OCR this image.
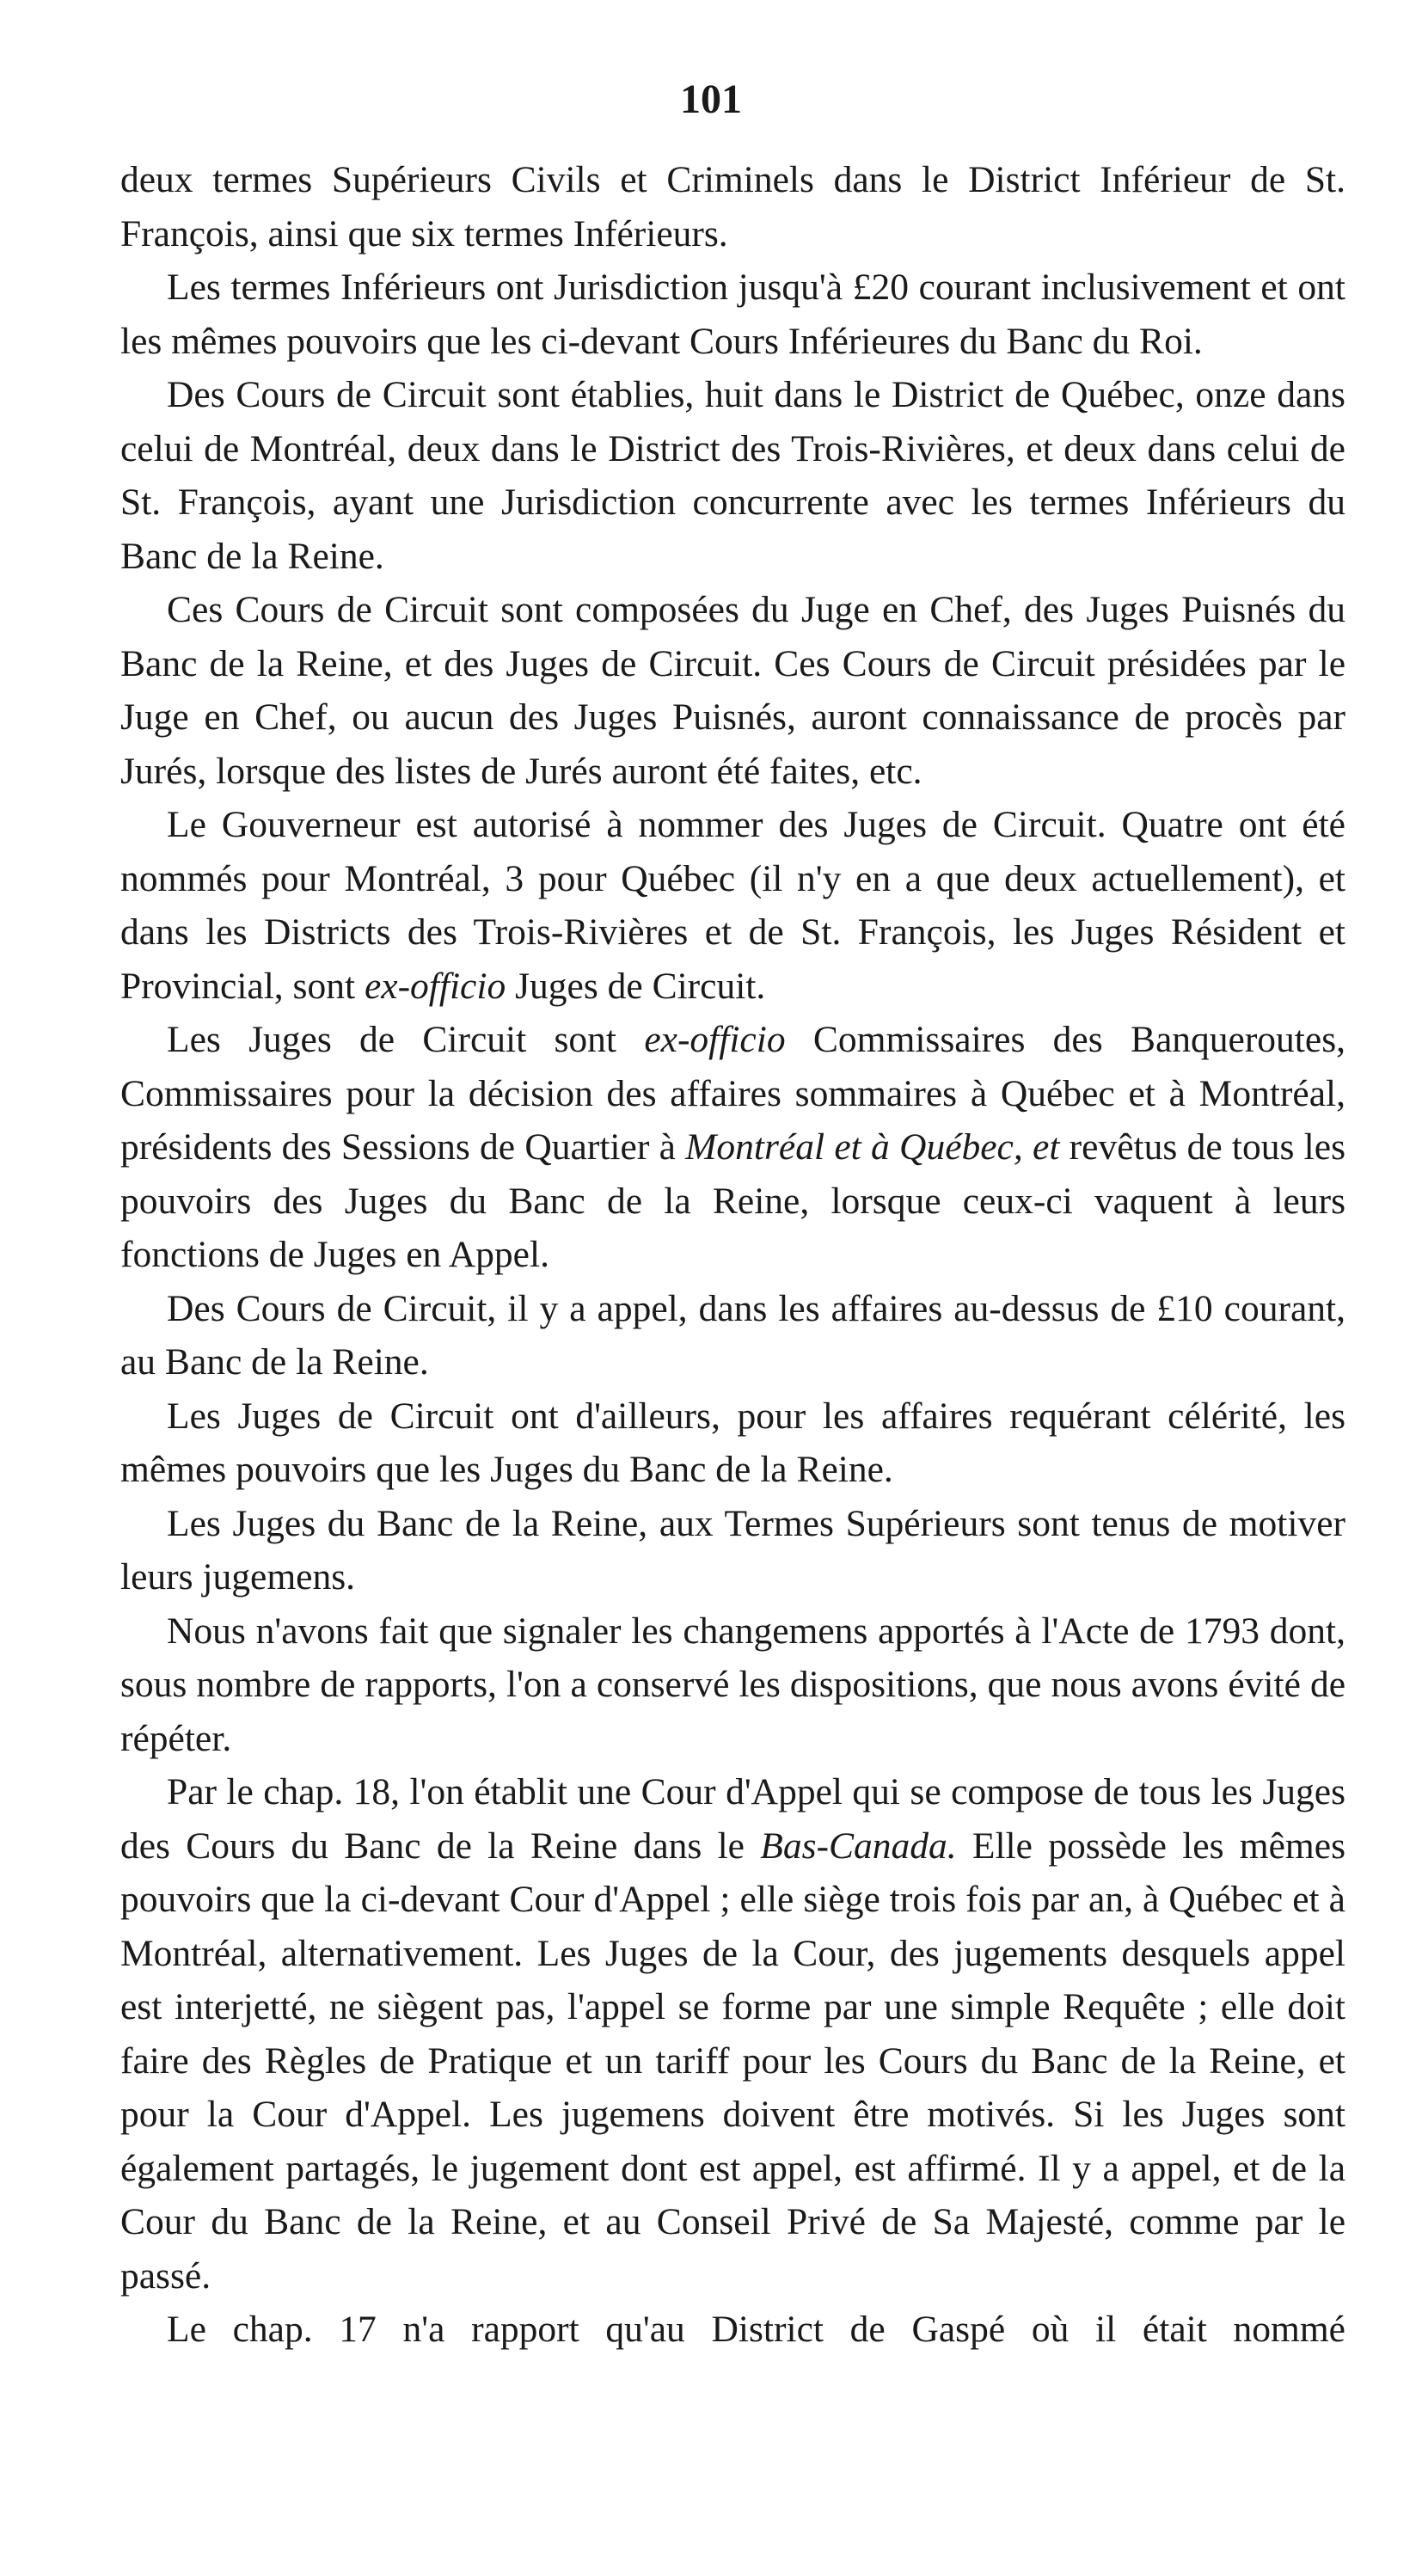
101

deux termes Supérieurs Civils et Criminels dans le District Inférieur de St. François, ainsi que six termes Inférieurs.

Les termes Inférieurs ont Jurisdiction jusqu'à £20 courant inclusivement et ont les mêmes pouvoirs que les ci-devant Cours Inférieures du Banc du Roi.

Des Cours de Circuit sont établies, huit dans le District de Québec, onze dans celui de Montréal, deux dans le District des Trois-Rivières, et deux dans celui de St. François, ayant une Jurisdiction concurrente avec les termes Inférieurs du Banc de la Reine.

Ces Cours de Circuit sont composées du Juge en Chef, des Juges Puisnés du Banc de la Reine, et des Juges de Circuit. Ces Cours de Circuit présidées par le Juge en Chef, ou aucun des Juges Puisnés, auront connaissance de procès par Jurés, lorsque des listes de Jurés auront été faites, etc.

Le Gouverneur est autorisé à nommer des Juges de Circuit. Quatre ont été nommés pour Montréal, 3 pour Québec (il n'y en a que deux actuellement), et dans les Districts des Trois-Rivières et de St. François, les Juges Résident et Provincial, sont ex-officio Juges de Circuit.

Les Juges de Circuit sont ex-officio Commissaires des Banqueroutes, Commissaires pour la décision des affaires sommaires à Québec et à Montréal, présidents des Sessions de Quartier à Montréal et à Québec, et revêtus de tous les pouvoirs des Juges du Banc de la Reine, lorsque ceux-ci vaquent à leurs fonctions de Juges en Appel.

Des Cours de Circuit, il y a appel, dans les affaires au-dessus de £10 courant, au Banc de la Reine.

Les Juges de Circuit ont d'ailleurs, pour les affaires requérant célérité, les mêmes pouvoirs que les Juges du Banc de la Reine.

Les Juges du Banc de la Reine, aux Termes Supérieurs sont tenus de motiver leurs jugemens.

Nous n'avons fait que signaler les changemens apportés à l'Acte de 1793 dont, sous nombre de rapports, l'on a conservé les dispositions, que nous avons évité de répéter.

Par le chap. 18, l'on établit une Cour d'Appel qui se compose de tous les Juges des Cours du Banc de la Reine dans le Bas-Canada. Elle possède les mêmes pouvoirs que la ci-devant Cour d'Appel ; elle siège trois fois par an, à Québec et à Montréal, alternativement. Les Juges de la Cour, des jugements desquels appel est interjetté, ne siègent pas, l'appel se forme par une simple Requête ; elle doit faire des Règles de Pratique et un tariff pour les Cours du Banc de la Reine, et pour la Cour d'Appel. Les jugemens doivent être motivés. Si les Juges sont également partagés, le jugement dont est appel, est affirmé. Il y a appel, et de la Cour du Banc de la Reine, et au Conseil Privé de Sa Majesté, comme par le passé.

Le chap. 17 n'a rapport qu'au District de Gaspé où il était nommé
